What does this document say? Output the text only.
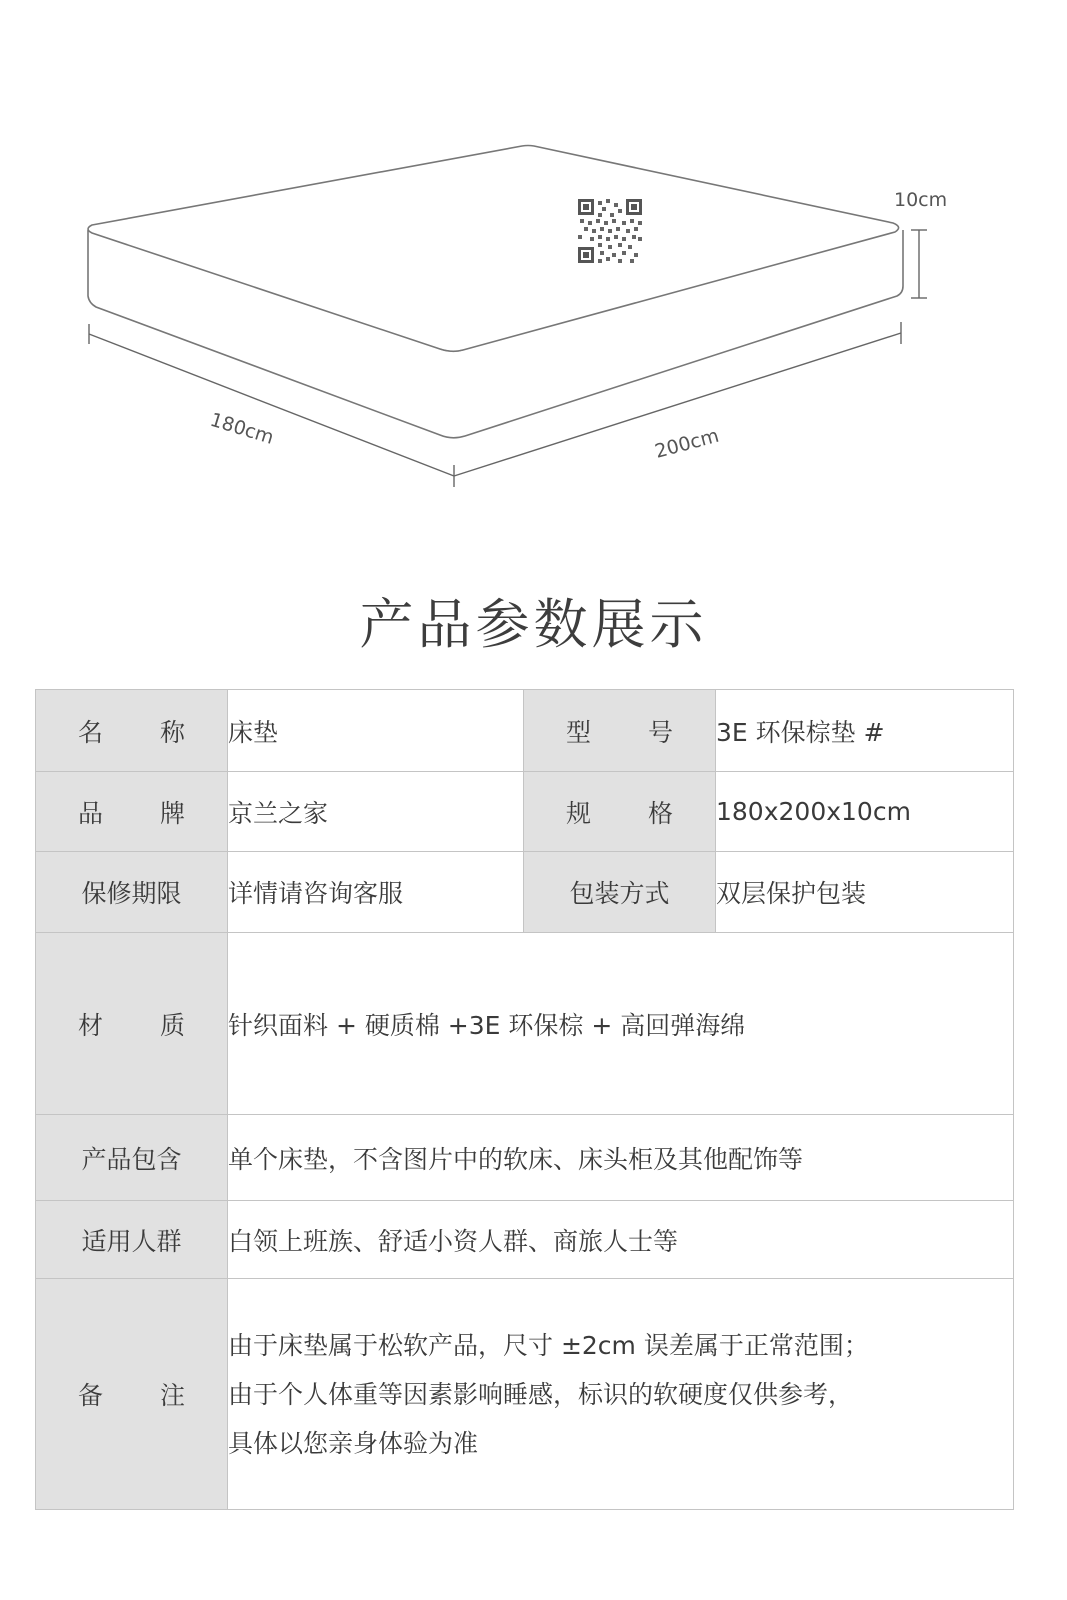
10cm
180cm	200cm
产品参数展示
名 称	床垫	型 号	3E 环保棕垫 #

品 牌	京兰之家	规 格	180x200x10cm

保修期限	详情请咨询客服	包装方式	双层保护包装

材 质	针织面料 + 硬质棉 +3E 环保棕 + 高回弹海绵		

产品包含	单个床垫，不含图片中的软床、床头柜及其他配饰等		

适用人群	白领上班族、舒适小资人群、商旅人士等		

备 注	由于床垫属于松软产品，尺寸 ±2cm 误差属于正常范围；
由于个人体重等因素影响睡感，标识的软硬度仅供参考，
具体以您亲身体验为准		
